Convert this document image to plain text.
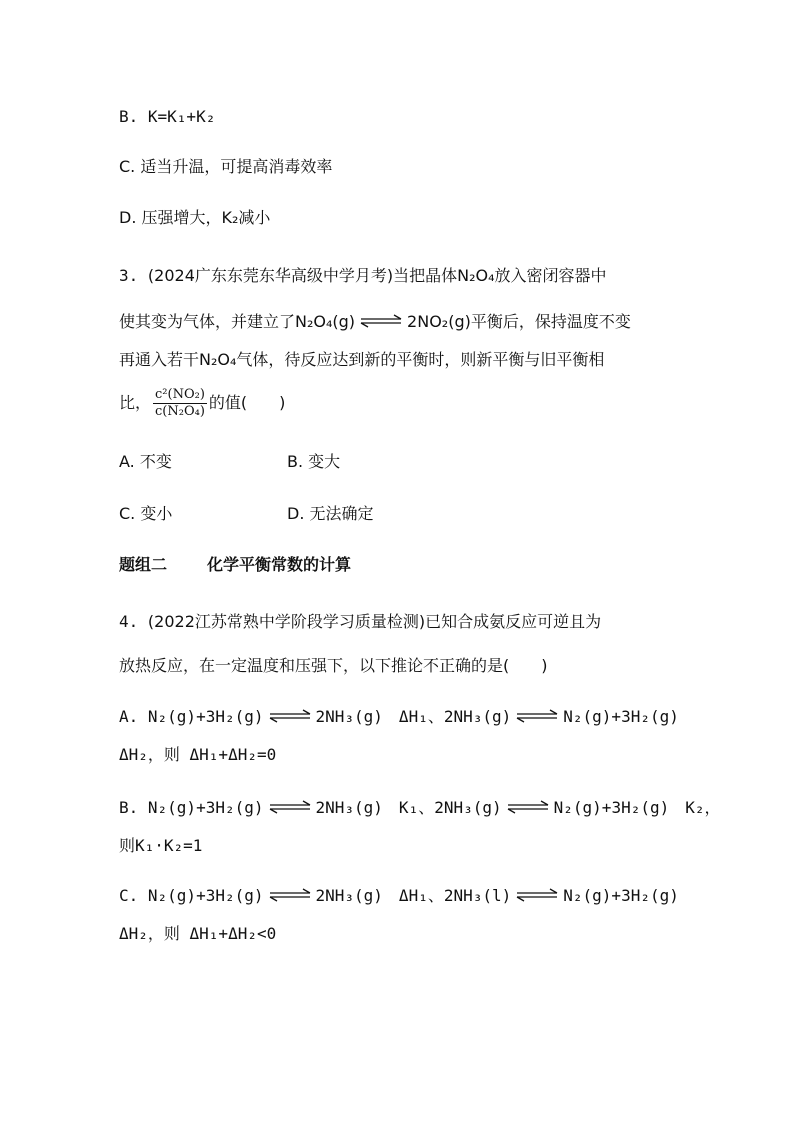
B. K=K₁+K₂
C. 适当升温，可提高消毒效率
D. 压强增大，K₂减小
3. (2024广东东莞东华高级中学月考)当把晶体N₂O₄放入密闭容器中
使其变为气体，并建立了N₂O₄(g) ⇌ 2NO₂(g)平衡后，保持温度不变
再通入若干N₂O₄气体，待反应达到新的平衡时，则新平衡与旧平衡相
比， $\frac{\text{c²(NO₂)}}{\text{c(N₂O₄)}}$ 的值(　　)
A. 不变	B. 变大
C. 变小	D. 无法确定
题组二	化学平衡常数的计算
4. (2022江苏常熟中学阶段学习质量检测)已知合成氨反应可逆且为
放热反应，在一定温度和压强下，以下推论不正确的是(　　)
A. N₂(g)+3H₂(g) ⇌ 2NH₃(g)　ΔH₁、2NH₃(g) ⇌ N₂(g)+3H₂(g)
ΔH₂，则 ΔH₁+ΔH₂=0
B. N₂(g)+3H₂(g) ⇌ 2NH₃(g)　K₁、2NH₃(g) ⇌ N₂(g)+3H₂(g)　K₂，
则K₁·K₂=1
C. N₂(g)+3H₂(g) ⇌ 2NH₃(g)　ΔH₁、2NH₃(l) ⇌ N₂(g)+3H₂(g)
ΔH₂，则 ΔH₁+ΔH₂<0
